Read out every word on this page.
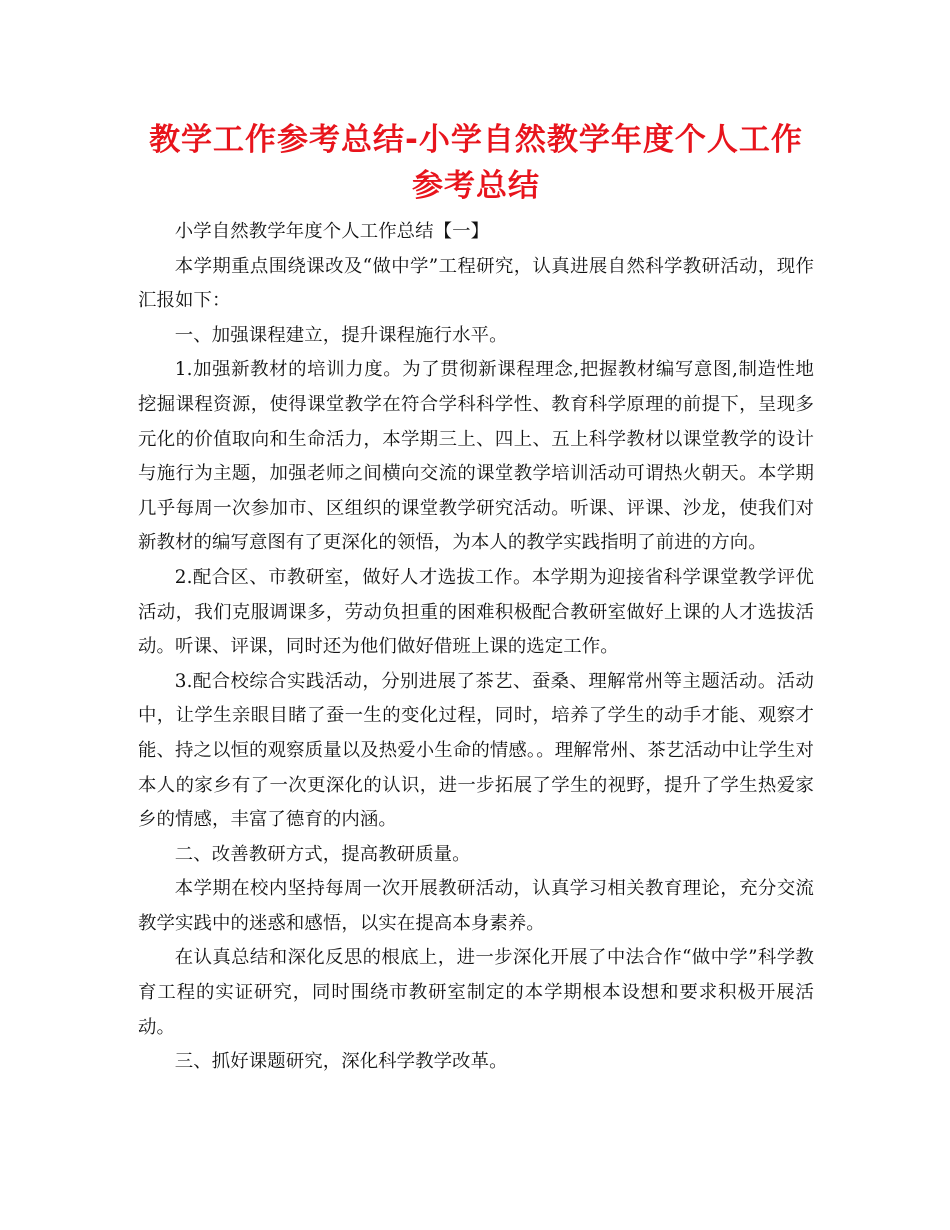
教学工作参考总结-小学自然教学年度个人工作参考总结

小学自然教学年度个人工作总结【一】

本学期重点围绕课改及“做中学”工程研究，认真进展自然科学教研活动，现作汇报如下：

一、加强课程建立，提升课程施行水平。

1.加强新教材的培训力度。为了贯彻新课程理念,把握教材编写意图,制造性地挖掘课程资源，使得课堂教学在符合学科科学性、教育科学原理的前提下，呈现多元化的价值取向和生命活力，本学期三上、四上、五上科学教材以课堂教学的设计与施行为主题，加强老师之间横向交流的课堂教学培训活动可谓热火朝天。本学期几乎每周一次参加市、区组织的课堂教学研究活动。听课、评课、沙龙，使我们对新教材的编写意图有了更深化的领悟，为本人的教学实践指明了前进的方向。

2.配合区、市教研室，做好人才选拔工作。本学期为迎接省科学课堂教学评优活动，我们克服调课多，劳动负担重的困难积极配合教研室做好上课的人才选拔活动。听课、评课，同时还为他们做好借班上课的选定工作。

3.配合校综合实践活动，分别进展了茶艺、蚕桑、理解常州等主题活动。活动中，让学生亲眼目睹了蚕一生的变化过程，同时，培养了学生的动手才能、观察才能、持之以恒的观察质量以及热爱小生命的情感。。理解常州、茶艺活动中让学生对本人的家乡有了一次更深化的认识，进一步拓展了学生的视野，提升了学生热爱家乡的情感，丰富了德育的内涵。

二、改善教研方式，提高教研质量。

本学期在校内坚持每周一次开展教研活动，认真学习相关教育理论，充分交流教学实践中的迷惑和感悟，以实在提高本身素养。

在认真总结和深化反思的根底上，进一步深化开展了中法合作“做中学”科学教育工程的实证研究，同时围绕市教研室制定的本学期根本设想和要求积极开展活动。

三、抓好课题研究，深化科学教学改革。
